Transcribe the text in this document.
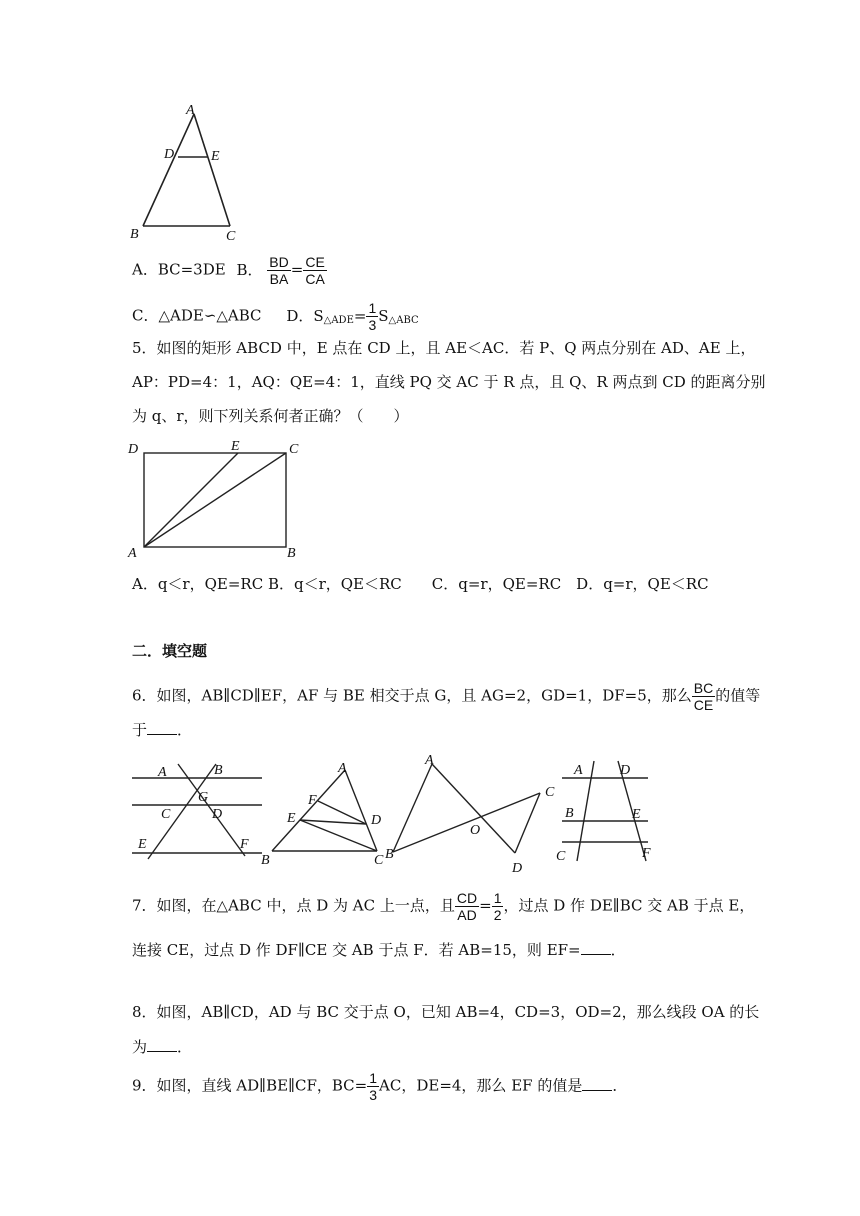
A
D	E
B	C
A．BC=3DE B． $\frac{BD}{BA} = \frac{CE}{CA}$
C．△ADE∽△ABC D．$S_{\triangle ADE}= \frac{1}{3} S_{\triangle ABC}$
5．如图的矩形 ABCD 中，E 点在 CD 上，且 AE＜AC．若 P、Q 两点分别在 AD、AE 上，
AP：PD=4：1，AQ：QE=4：1，直线 PQ 交 AC 于 R 点，且 Q、R 两点到 CD 的距离分别
为 q、r，则下列关系何者正确？（　　）
D	E	C
A	B
A．q＜r，QE=RC B．q＜r，QE＜RC　　C．q=r，QE=RC　D．q=r，QE＜RC
二．填空题
6．如图，AB∥CD∥EF，AF 与 BE 相交于点 G，且 AG=2，GD=1，DF=5，那么 $\frac{BC}{CE}$ 的值等
于 ．
A	B
C
G
D
E	F
A
F
E	D
B	C
A
C
O
B
D
A	D
B	E
C	F
7．如图，在△ABC 中，点 D 为 AC 上一点，且 $\frac{CD}{AD} = \frac{1}{2}$ ，过点 D 作 DE∥BC 交 AB 于点 E，
连接 CE，过点 D 作 DF∥CE 交 AB 于点 F．若 AB=15，则 EF= ．
8．如图，AB∥CD，AD 与 BC 交于点 O，已知 AB=4，CD=3，OD=2，那么线段 OA 的长
为 ．
9．如图，直线 AD∥BE∥CF，$BC= \frac{1}{3}$ AC，DE=4，那么 EF 的值是 ．
